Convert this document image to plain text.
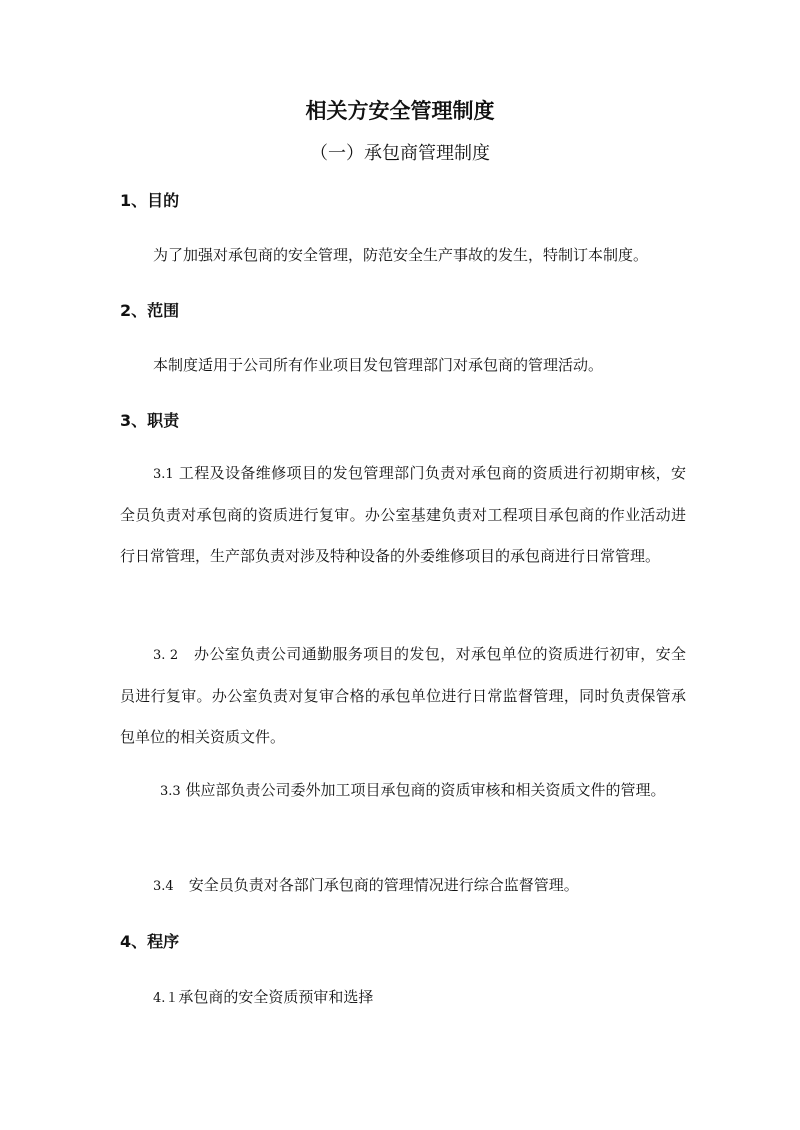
相关方安全管理制度
（一）承包商管理制度
1、目的
为了加强对承包商的安全管理，防范安全生产事故的发生，特制订本制度。
2、范围
本制度适用于公司所有作业项目发包管理部门对承包商的管理活动。
3、职责
3.1 工程及设备维修项目的发包管理部门负责对承包商的资质进行初期审核，安全员负责对承包商的资质进行复审。办公室基建负责对工程项目承包商的作业活动进行日常管理，生产部负责对涉及特种设备的外委维修项目的承包商进行日常管理。
3. 2　办公室负责公司通勤服务项目的发包，对承包单位的资质进行初审，安全员进行复审。办公室负责对复审合格的承包单位进行日常监督管理，同时负责保管承包单位的相关资质文件。
3.3 供应部负责公司委外加工项目承包商的资质审核和相关资质文件的管理。
3.4　安全员负责对各部门承包商的管理情况进行综合监督管理。
4、程序
4.１承包商的安全资质预审和选择
